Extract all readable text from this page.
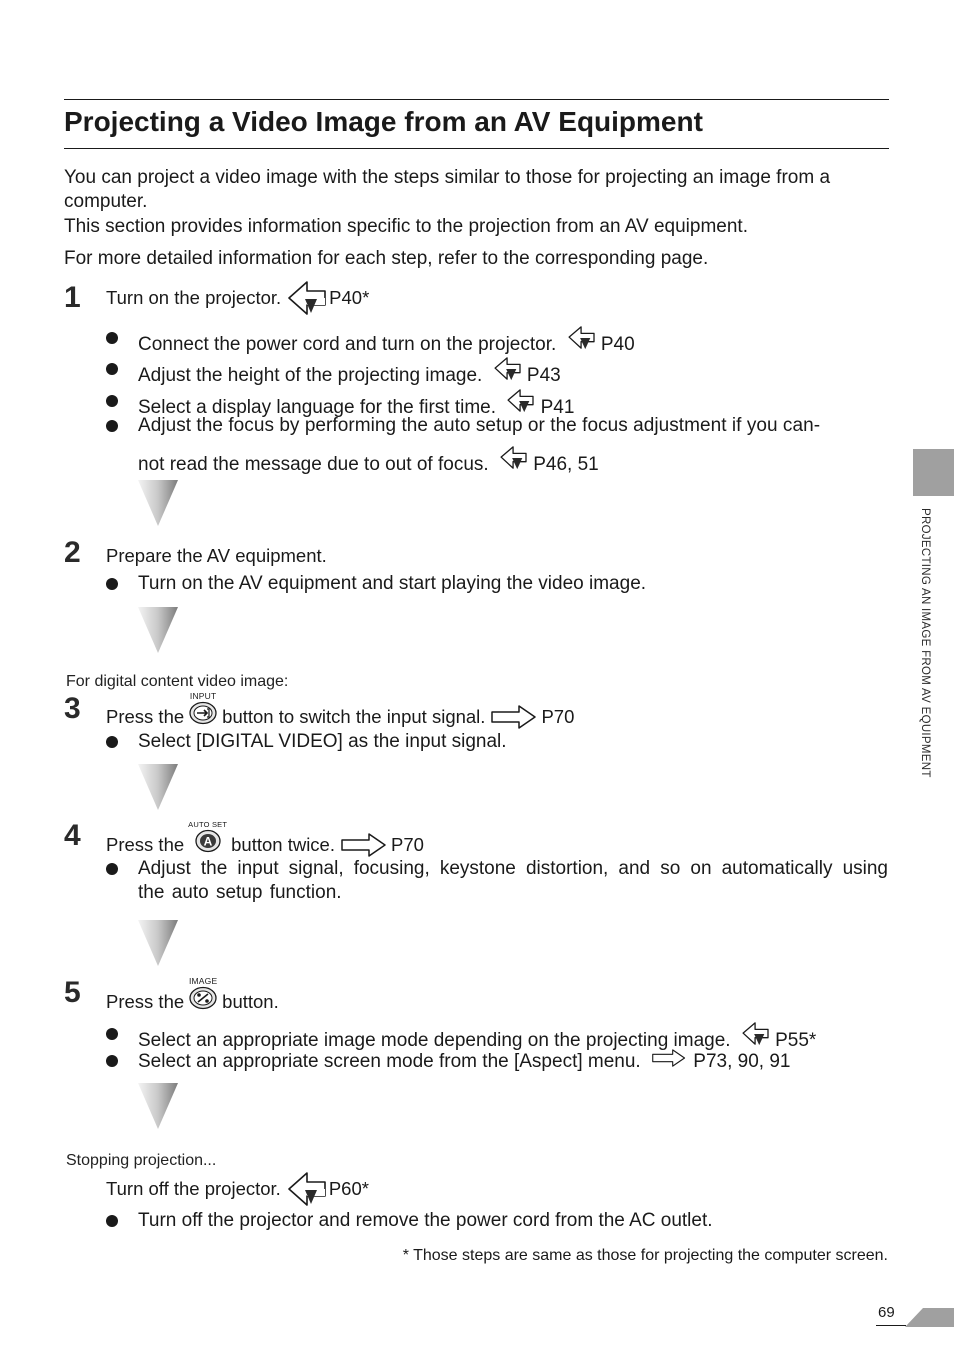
Projecting a Video Image from an AV Equipment
You can project a video image with the steps similar to those for projecting an image from a computer.
This section provides information specific to the projection from an AV equipment.
For more detailed information for each step, refer to the corresponding page.
1 Turn on the projector.	P40*
Connect the power cord and turn on the projector. P40
Adjust the height of the projecting image. P43
Select a display language for the first time. P41
Adjust the focus by performing the auto setup or the focus adjustment if you can-
not read the message due to out of focus. P46, 51
2 Prepare the AV equipment.
Turn on the AV equipment and start playing the video image.
For digital content video image:
3 Press the
INPUT
button to switch the input signal.	P70
Select [DIGITAL VIDEO] as the input signal.
4 Press the
AUTO SET
A button twice.	P70
Adjust the input signal, focusing, keystone distortion, and so on automatically using the auto setup function.
5 Press the
IMAGE
button.
Select an appropriate image mode depending on the projecting image. P55*
Select an appropriate screen mode from the [Aspect] menu.	P73, 90, 91
Stopping projection...
Turn off the projector.	P60*
Turn off the projector and remove the power cord from the AC outlet.
* Those steps are same as those for projecting the computer screen.
PROJECTING AN IMAGE FROM AV EQUIPMENT
69
